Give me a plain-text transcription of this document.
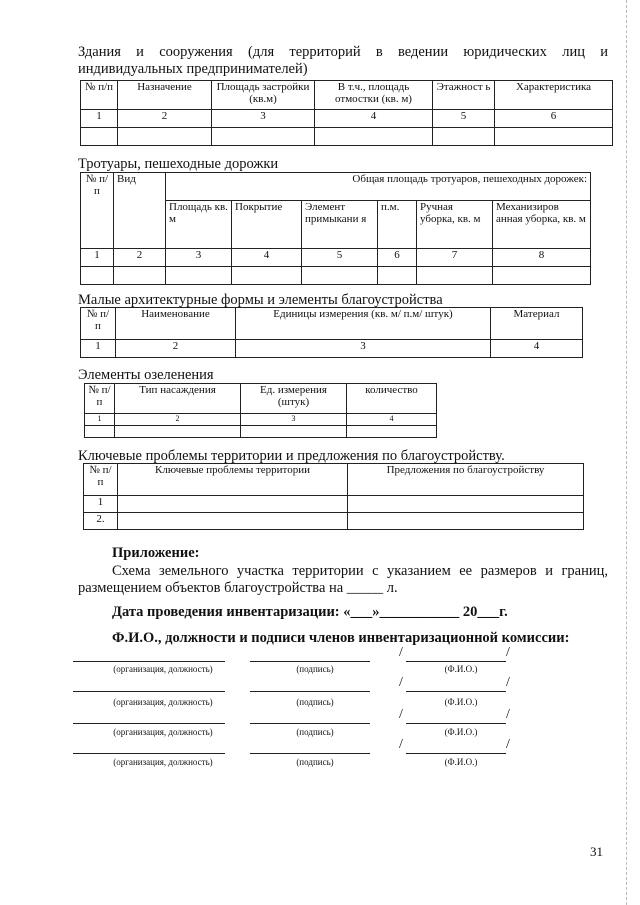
Здания и сооружения (для территорий в ведении юридических лиц и
индивидуальных предпринимателей)
№ п/п	Назначение	Площадь застройки (кв.м)	В т.ч., площадь отмостки (кв. м)	Этажност ь	Характеристика
1	2	3	4	5	6

Тротуары, пешеходные дорожки
№ п/п	Вид	Общая площадь тротуаров, пешеходных дорожек:					
		Площадь кв. м	Покрытие	Элемент примыкани я	п.м.	Ручная уборка, кв. м	Механизиров анная уборка, кв. м
1	2	3	4	5	6	7	8

Малые архитектурные формы и элементы благоустройства
№ п/п	Наименование	Единицы измерения (кв. м/ п.м/ штук)	Материал
1	2	3	4
Элементы озеленения
№ п/п	Тип насаждения	Ед. измерения (штук)	количество
1	2	3	4

Ключевые проблемы территории и предложения по благоустройству.
№ п/п	Ключевые проблемы территории	Предложения по благоустройству
1		
2.		
Приложение:
Схема земельного участка территории с указанием ее размеров и границ,
размещением объектов благоустройства на _____ л.
Дата проведения инвентаризации: «___»___________ 20___г.
Ф.И.О., должности и подписи членов инвентаризационной комиссии:
/	/
(организация, должность)	(подпись)	(Ф.И.О.)
/	/
(организация, должность)	(подпись)	(Ф.И.О.)
/	/
(организация, должность)	(подпись)	(Ф.И.О.)
/	/
(организация, должность)	(подпись)	(Ф.И.О.)
31
